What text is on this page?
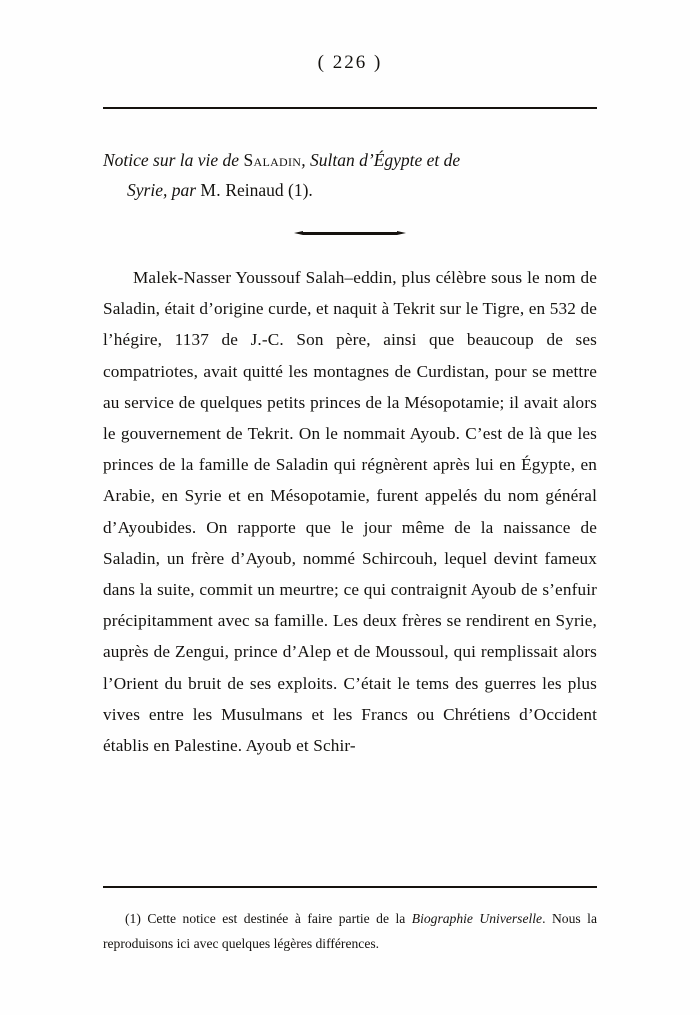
( 226 )
Notice sur la vie de Saladin, Sultan d’Égypte et de
Syrie, par M. Reinaud (1).

Malek-Nasser Youssouf Salah–eddin, plus célèbre sous le nom de Saladin, était d’origine curde, et naquit à Tekrit sur le Tigre, en 532 de l’hégire, 1137 de J.-C. Son père, ainsi que beaucoup de ses compatriotes, avait quitté les montagnes de Curdistan, pour se mettre au service de quelques petits princes de la Mésopotamie; il avait alors le gouvernement de Tekrit. On le nommait Ayoub. C’est de là que les princes de la famille de Saladin qui régnèrent après lui en Égypte, en Arabie, en Syrie et en Mésopotamie, furent appelés du nom général d’Ayoubides. On rapporte que le jour même de la naissance de Saladin, un frère d’Ayoub, nommé Schircouh, lequel devint fameux dans la suite, commit un meurtre; ce qui contraignit Ayoub de s’enfuir précipitamment avec sa famille. Les deux frères se rendirent en Syrie, auprès de Zengui, prince d’Alep et de Moussoul, qui remplissait alors l’Orient du bruit de ses exploits. C’était le tems des guerres les plus vives entre les Musulmans et les Francs ou Chrétiens d’Occident établis en Palestine. Ayoub et Schir-

(1) Cette notice est destinée à faire partie de la Biographie Universelle. Nous la reproduisons ici avec quelques légères différences.
